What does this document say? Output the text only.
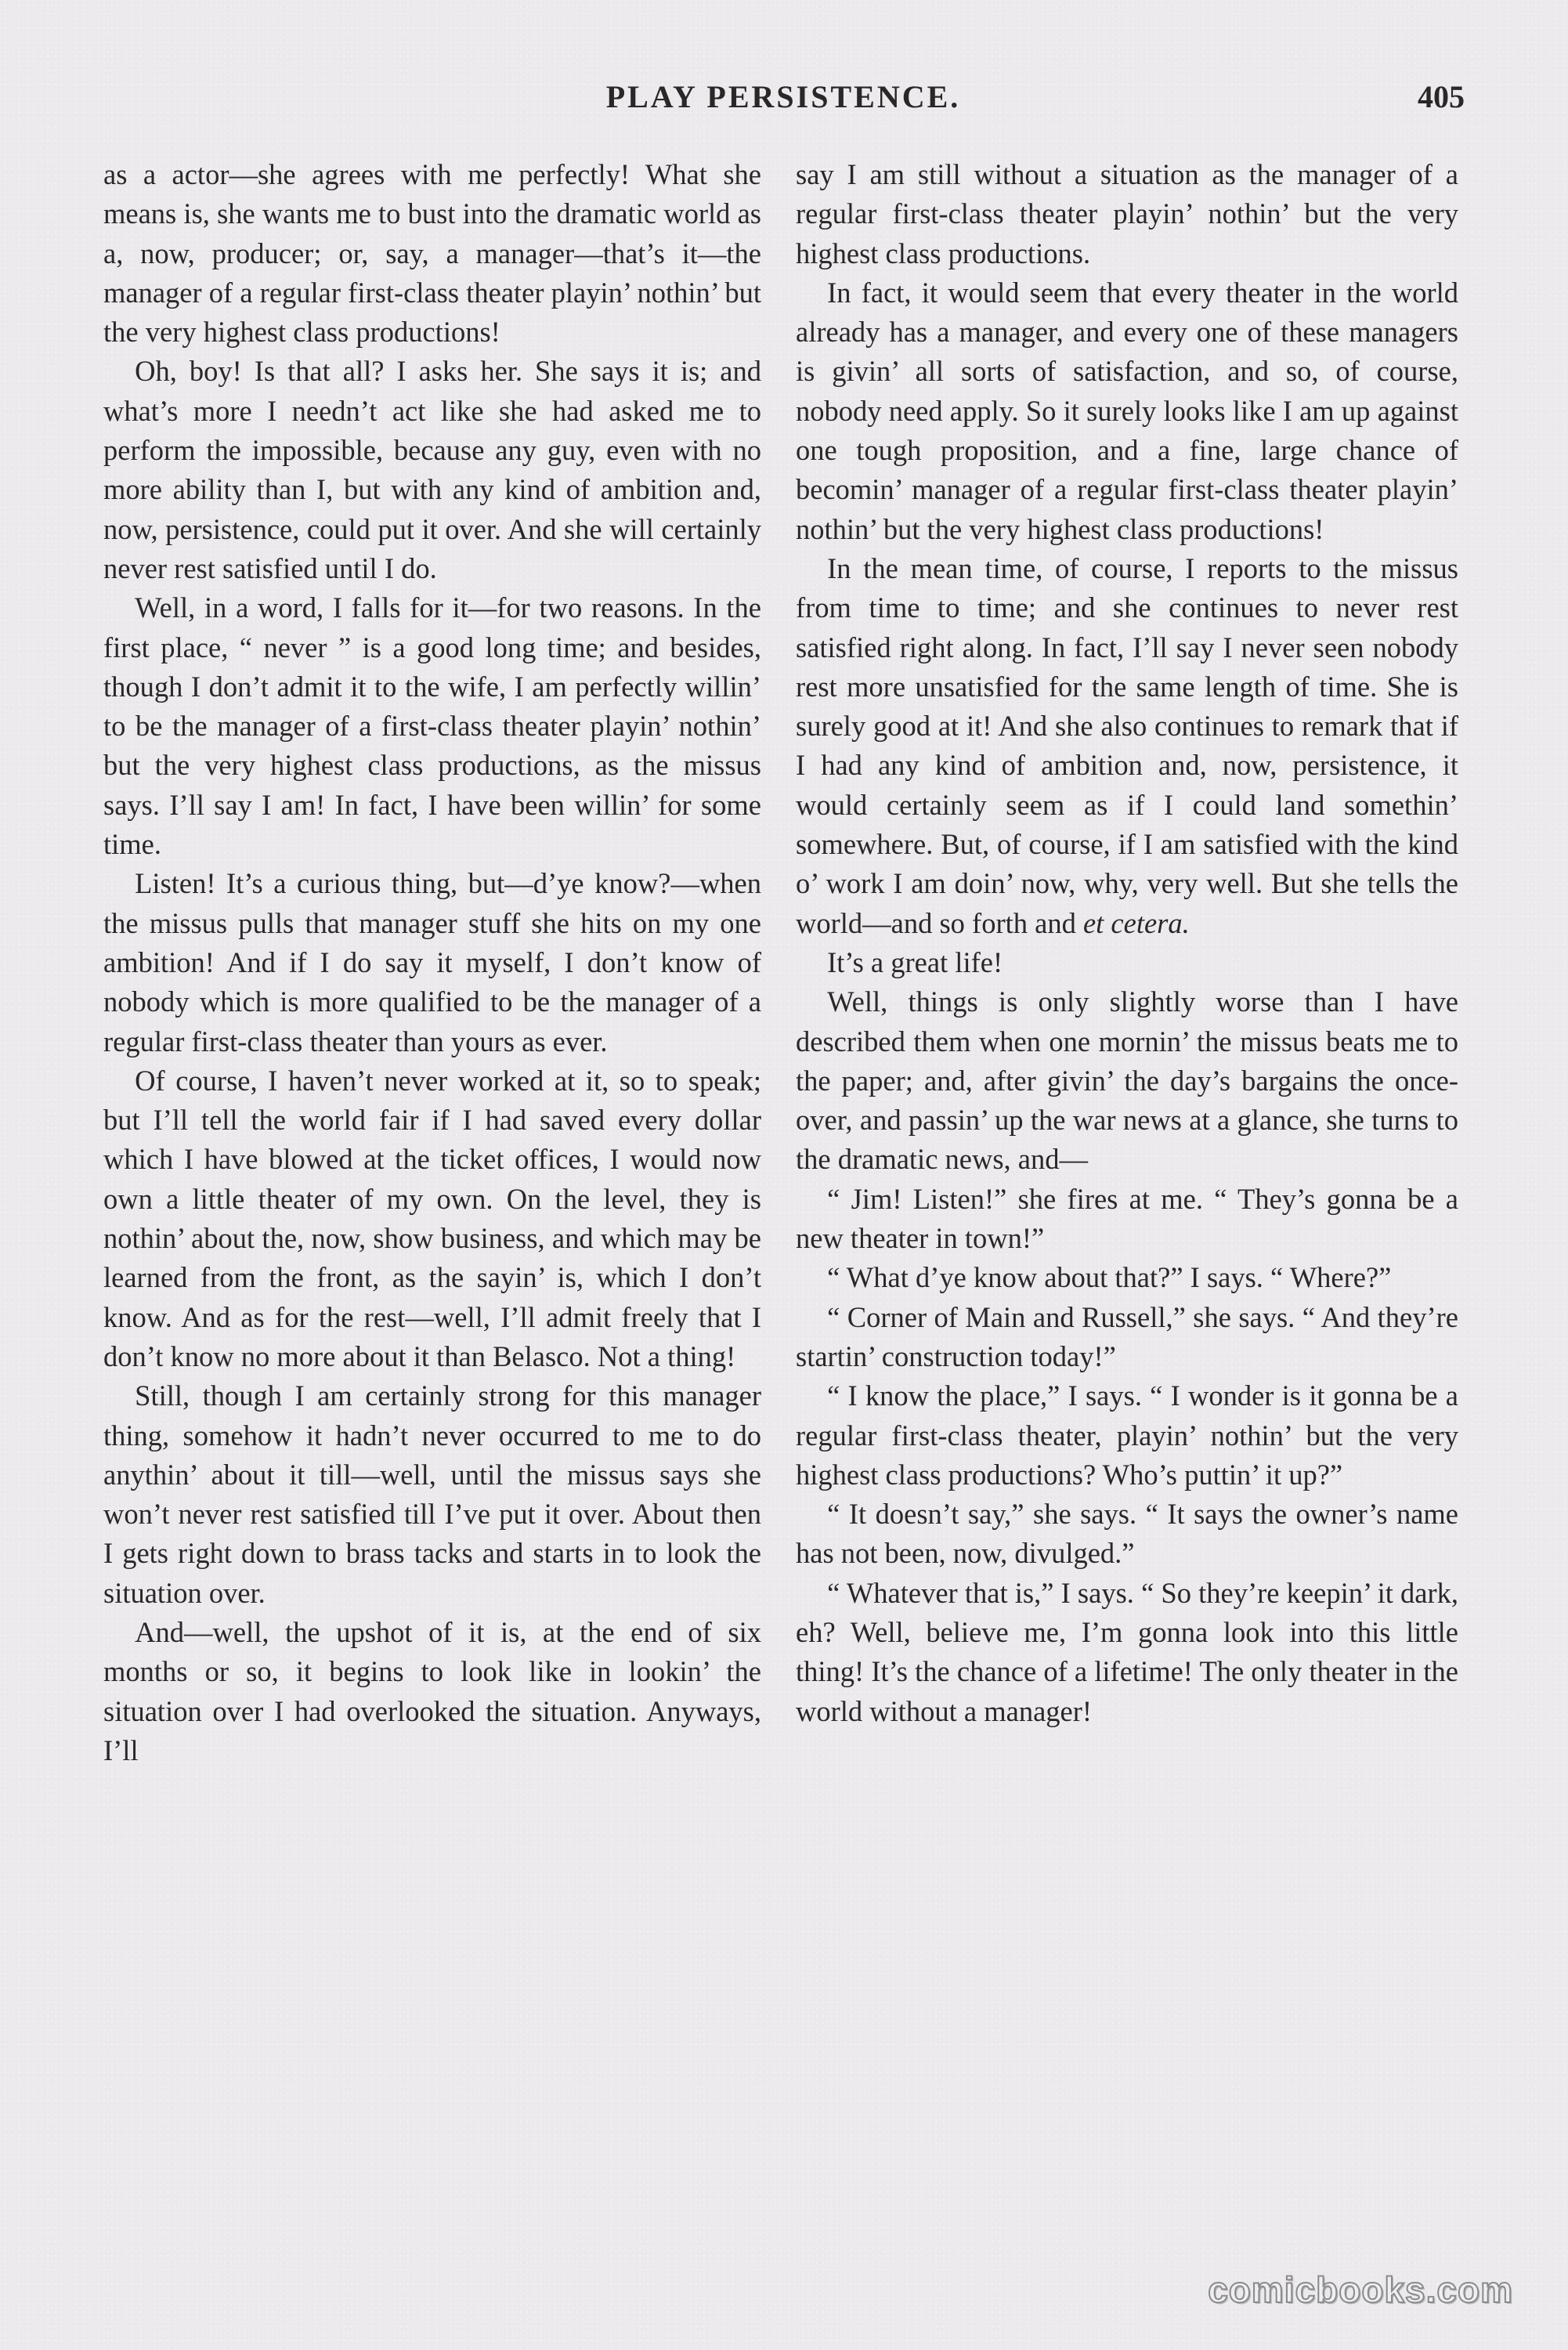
PLAY PERSISTENCE.	405

as a actor—she agrees with me perfectly! What she means is, she wants me to bust into the dramatic world as a, now, producer; or, say, a manager—that’s it—the manager of a regular first-class theater playin’ nothin’ but the very highest class productions!

Oh, boy! Is that all? I asks her. She says it is; and what’s more I needn’t act like she had asked me to perform the impossible, because any guy, even with no more ability than I, but with any kind of ambition and, now, persistence, could put it over. And she will certainly never rest satisfied until I do.

Well, in a word, I falls for it—for two reasons. In the first place, “ never ” is a good long time; and besides, though I don’t admit it to the wife, I am perfectly willin’ to be the manager of a first-class theater playin’ nothin’ but the very highest class productions, as the missus says. I’ll say I am! In fact, I have been willin’ for some time.

Listen! It’s a curious thing, but—d’ye know?—when the missus pulls that manager stuff she hits on my one ambition! And if I do say it myself, I don’t know of nobody which is more qualified to be the manager of a regular first-class theater than yours as ever.

Of course, I haven’t never worked at it, so to speak; but I’ll tell the world fair if I had saved every dollar which I have blowed at the ticket offices, I would now own a little theater of my own. On the level, they is nothin’ about the, now, show business, and which may be learned from the front, as the sayin’ is, which I don’t know. And as for the rest—well, I’ll admit freely that I don’t know no more about it than Belasco. Not a thing!

Still, though I am certainly strong for this manager thing, somehow it hadn’t never occurred to me to do anythin’ about it till—well, until the missus says she won’t never rest satisfied till I’ve put it over. About then I gets right down to brass tacks and starts in to look the situation over.

And—well, the upshot of it is, at the end of six months or so, it begins to look like in lookin’ the situation over I had overlooked the situation. Anyways, I’ll

say I am still without a situation as the manager of a regular first-class theater playin’ nothin’ but the very highest class productions.

In fact, it would seem that every theater in the world already has a manager, and every one of these managers is givin’ all sorts of satisfaction, and so, of course, nobody need apply. So it surely looks like I am up against one tough proposition, and a fine, large chance of becomin’ manager of a regular first-class theater playin’ nothin’ but the very highest class productions!

In the mean time, of course, I reports to the missus from time to time; and she continues to never rest satisfied right along. In fact, I’ll say I never seen nobody rest more unsatisfied for the same length of time. She is surely good at it! And she also continues to remark that if I had any kind of ambition and, now, persistence, it would certainly seem as if I could land somethin’ somewhere. But, of course, if I am satisfied with the kind o’ work I am doin’ now, why, very well. But she tells the world—and so forth and et cetera.

It’s a great life!

Well, things is only slightly worse than I have described them when one mornin’ the missus beats me to the paper; and, after givin’ the day’s bargains the once-over, and passin’ up the war news at a glance, she turns to the dramatic news, and—

“ Jim! Listen!” she fires at me. “ They’s gonna be a new theater in town!”

“ What d’ye know about that?” I says. “ Where?”

“ Corner of Main and Russell,” she says. “ And they’re startin’ construction today!”

“ I know the place,” I says. “ I wonder is it gonna be a regular first-class theater, playin’ nothin’ but the very highest class productions? Who’s puttin’ it up?”

“ It doesn’t say,” she says. “ It says the owner’s name has not been, now, divulged.”

“ Whatever that is,” I says. “ So they’re keepin’ it dark, eh? Well, believe me, I’m gonna look into this little thing! It’s the chance of a lifetime! The only theater in the world without a manager!

comicbooks.com
